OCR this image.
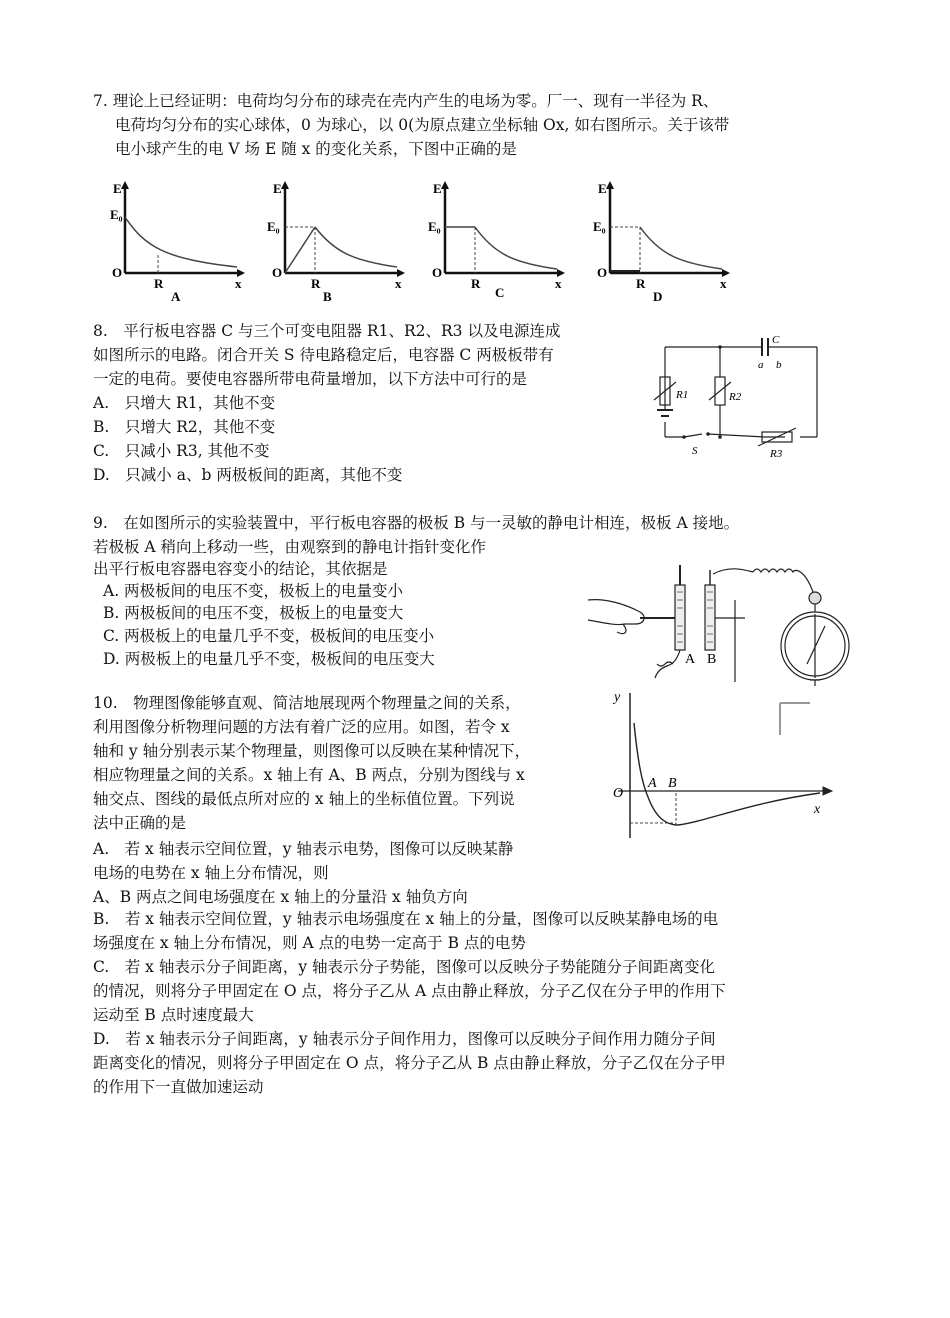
7. 理论上已经证明：电荷均匀分布的球壳在壳内产生的电场为零。厂一、现有一半径为 R、
电荷均匀分布的实心球体，0 为球心，以 0(为原点建立坐标轴 Ox, 如右图所示。关于该带
电小球产生的电 V 场 E 随 x 的变化关系，下图中正确的是
E
E₀
O
R	x
A
E
E₀
O
R	x
B
E
E₀
O
R	x
C
E
E₀
O
R	x
D
8.　平行板电容器 C 与三个可变电阻器 R1、R2、R3 以及电源连成
如图所示的电路。闭合开关 S 待电路稳定后，电容器 C 两极板带有
一定的电荷。要使电容器所带电荷量增加，以下方法中可行的是
A.　只增大 R1，其他不变
B.　只增大 R2，其他不变
C.　只减小 R3, 其他不变
D.　只减小 a、b 两极板间的距离，其他不变
C
a b
R1	R2
R3
S
9.　在如图所示的实验装置中，平行板电容器的极板 B 与一灵敏的静电计相连，极板 A 接地。
若极板 A 稍向上移动一些，由观察到的静电计指针变化作
出平行板电容器电容变小的结论，其依据是
A. 两极板间的电压不变，极板上的电量变小
B. 两极板间的电压不变，极板上的电量变大
C. 两极板上的电量几乎不变，极板间的电压变小
D. 两极板上的电量几乎不变，极板间的电压变大	A B
10.　物理图像能够直观、简洁地展现两个物理量之间的关系，
利用图像分析物理问题的方法有着广泛的应用。如图，若令 x
轴和 y 轴分别表示某个物理量，则图像可以反映在某种情况下，
相应物理量之间的关系。x 轴上有 A、B 两点，分别为图线与 x
轴交点、图线的最低点所对应的 x 轴上的坐标值位置。下列说
法中正确的是
A.　若 x 轴表示空间位置，y 轴表示电势，图像可以反映某静
电场的电势在 x 轴上分布情况，则
A、B 两点之间电场强度在 x 轴上的分量沿 x 轴负方向
B.　若 x 轴表示空间位置，y 轴表示电场强度在 x 轴上的分量，图像可以反映某静电场的电
场强度在 x 轴上分布情况，则 A 点的电势一定高于 B 点的电势
C.　若 x 轴表示分子间距离，y 轴表示分子势能，图像可以反映分子势能随分子间距离变化
的情况，则将分子甲固定在 O 点，将分子乙从 A 点由静止释放，分子乙仅在分子甲的作用下
运动至 B 点时速度最大
D.　若 x 轴表示分子间距离，y 轴表示分子间作用力，图像可以反映分子间作用力随分子间
距离变化的情况，则将分子甲固定在 O 点，将分子乙从 B 点由静止释放，分子乙仅在分子甲
的作用下一直做加速运动
y
O
A B
x
